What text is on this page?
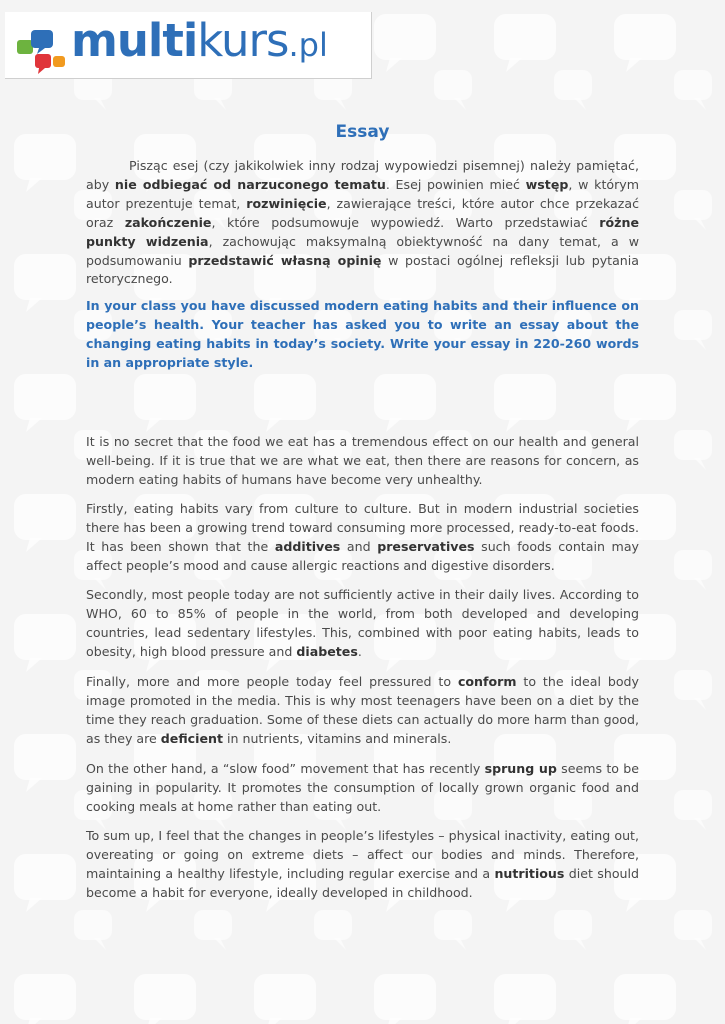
multikurs.pl
Essay

Pisząc esej (czy jakikolwiek inny rodzaj wypowiedzi pisemnej) należy pamiętać, aby nie odbiegać od narzuconego tematu. Esej powinien mieć wstęp, w którym autor prezentuje temat, rozwinięcie, zawierające treści, które autor chce przekazać oraz zakończenie, które podsumowuje wypowiedź. Warto przedstawiać różne punkty widzenia, zachowując maksymalną obiektywność na dany temat, a w podsumowaniu przedstawić własną opinię w postaci ogólnej refleksji lub pytania retorycznego.

In your class you have discussed modern eating habits and their influence on people’s health. Your teacher has asked you to write an essay about the changing eating habits in today’s society. Write your essay in 220-260 words in an appropriate style.

It is no secret that the food we eat has a tremendous effect on our health and general well-being. If it is true that we are what we eat, then there are reasons for concern, as modern eating habits of humans have become very unhealthy.

Firstly, eating habits vary from culture to culture. But in modern industrial societies there has been a growing trend toward consuming more processed, ready-to-eat foods. It has been shown that the additives and preservatives such foods contain may affect people’s mood and cause allergic reactions and digestive disorders.

Secondly, most people today are not sufficiently active in their daily lives. According to WHO, 60 to 85% of people in the world, from both developed and developing countries, lead sedentary lifestyles. This, combined with poor eating habits, leads to obesity, high blood pressure and diabetes.

Finally, more and more people today feel pressured to conform to the ideal body image promoted in the media. This is why most teenagers have been on a diet by the time they reach graduation. Some of these diets can actually do more harm than good, as they are deficient in nutrients, vitamins and minerals.

On the other hand, a “slow food” movement that has recently sprung up seems to be gaining in popularity. It promotes the consumption of locally grown organic food and cooking meals at home rather than eating out.

To sum up, I feel that the changes in people’s lifestyles – physical inactivity, eating out, overeating or going on extreme diets – affect our bodies and minds. Therefore, maintaining a healthy lifestyle, including regular exercise and a nutritious diet should become a habit for everyone, ideally developed in childhood.
